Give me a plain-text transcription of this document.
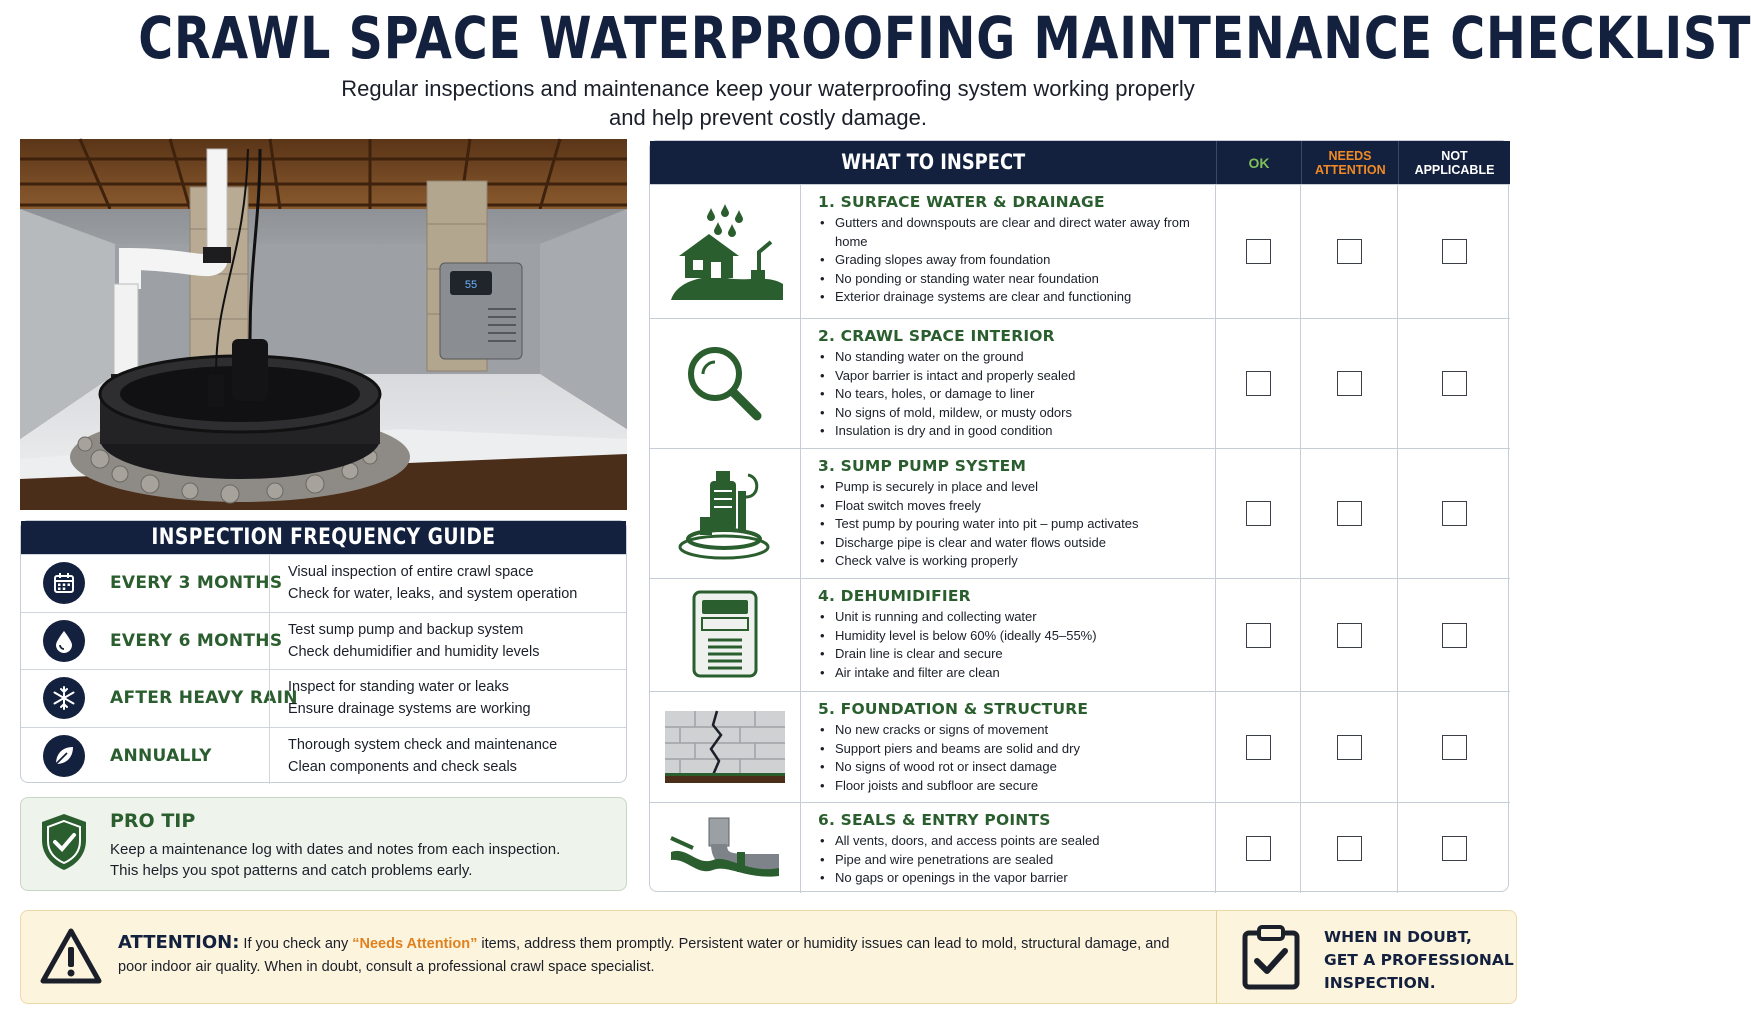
CRAWL SPACE WATERPROOFING MAINTENANCE CHECKLIST
Regular inspections and maintenance keep your waterproofing system working properly
and help prevent costly damage.
55
INSPECTION FREQUENCY GUIDE
EVERY 3 MONTHS
Visual inspection of entire crawl space
Check for water, leaks, and system operation
EVERY 6 MONTHS
Test sump pump and backup system
Check dehumidifier and humidity levels
AFTER HEAVY RAIN
Inspect for standing water or leaks
Ensure drainage systems are working
ANNUALLY
Thorough system check and maintenance
Clean components and check seals
PRO TIP
Keep a maintenance log with dates and notes from each inspection.
This helps you spot patterns and catch problems early.
WHAT TO INSPECT	OK	NEEDS ATTENTION
NOT APPLICABLE
1. SURFACE WATER & DRAINAGE
• Gutters and downspouts are clear and direct water away from home
• Grading slopes away from foundation
• No ponding or standing water near foundation
• Exterior drainage systems are clear and functioning
2. CRAWL SPACE INTERIOR
• No standing water on the ground
• Vapor barrier is intact and properly sealed
• No tears, holes, or damage to liner
• No signs of mold, mildew, or musty odors
• Insulation is dry and in good condition
3. SUMP PUMP SYSTEM
• Pump is securely in place and level
• Float switch moves freely
• Test pump by pouring water into pit – pump activates
• Discharge pipe is clear and water flows outside
• Check valve is working properly
4. DEHUMIDIFIER
• Unit is running and collecting water
• Humidity level is below 60% (ideally 45–55%)
• Drain line is clear and secure
• Air intake and filter are clean
5. FOUNDATION & STRUCTURE
• No new cracks or signs of movement
• Support piers and beams are solid and dry
• No signs of wood rot or insect damage
• Floor joists and subfloor are secure
6. SEALS & ENTRY POINTS
• All vents, doors, and access points are sealed
• Pipe and wire penetrations are sealed
• No gaps or openings in the vapor barrier
ATTENTION: If you check any “Needs Attention” items, address them promptly. Persistent water or humidity issues can lead to mold, structural damage, and poor indoor air quality. When in doubt, consult a professional crawl space specialist.
WHEN IN DOUBT,
GET A PROFESSIONAL
INSPECTION.
